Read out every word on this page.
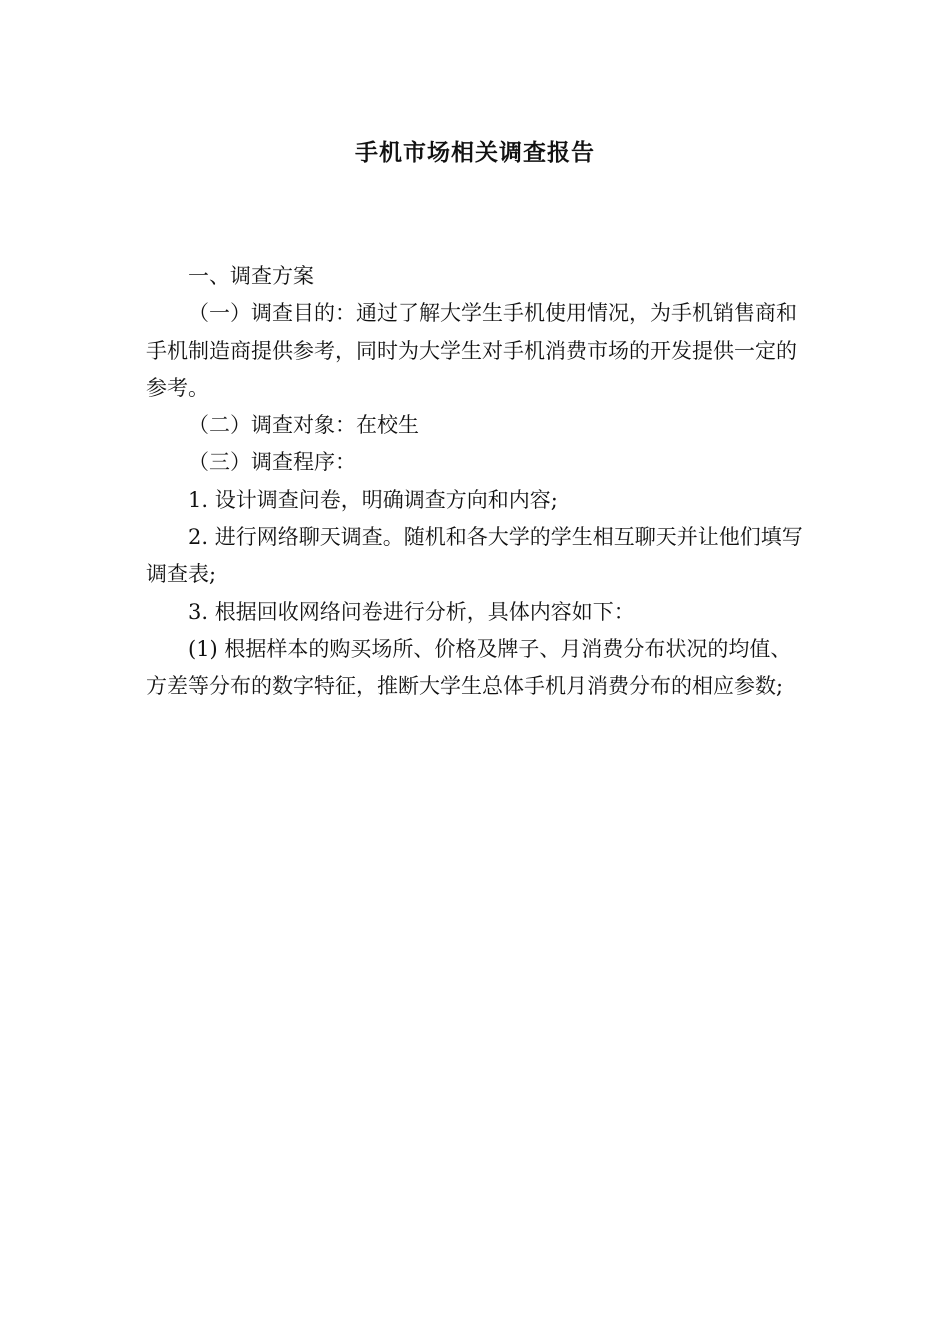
手机市场相关调查报告

一、调查方案

（一）调查目的：通过了解大学生手机使用情况，为手机销售商和手机制造商提供参考，同时为大学生对手机消费市场的开发提供一定的参考。

（二）调查对象：在校生

（三）调查程序：

1. 设计调查问卷，明确调查方向和内容;

2. 进行网络聊天调查。随机和各大学的学生相互聊天并让他们填写调查表;

3. 根据回收网络问卷进行分析，具体内容如下：

(1) 根据样本的购买场所、价格及牌子、月消费分布状况的均值、方差等分布的数字特征，推断大学生总体手机月消费分布的相应参数;
